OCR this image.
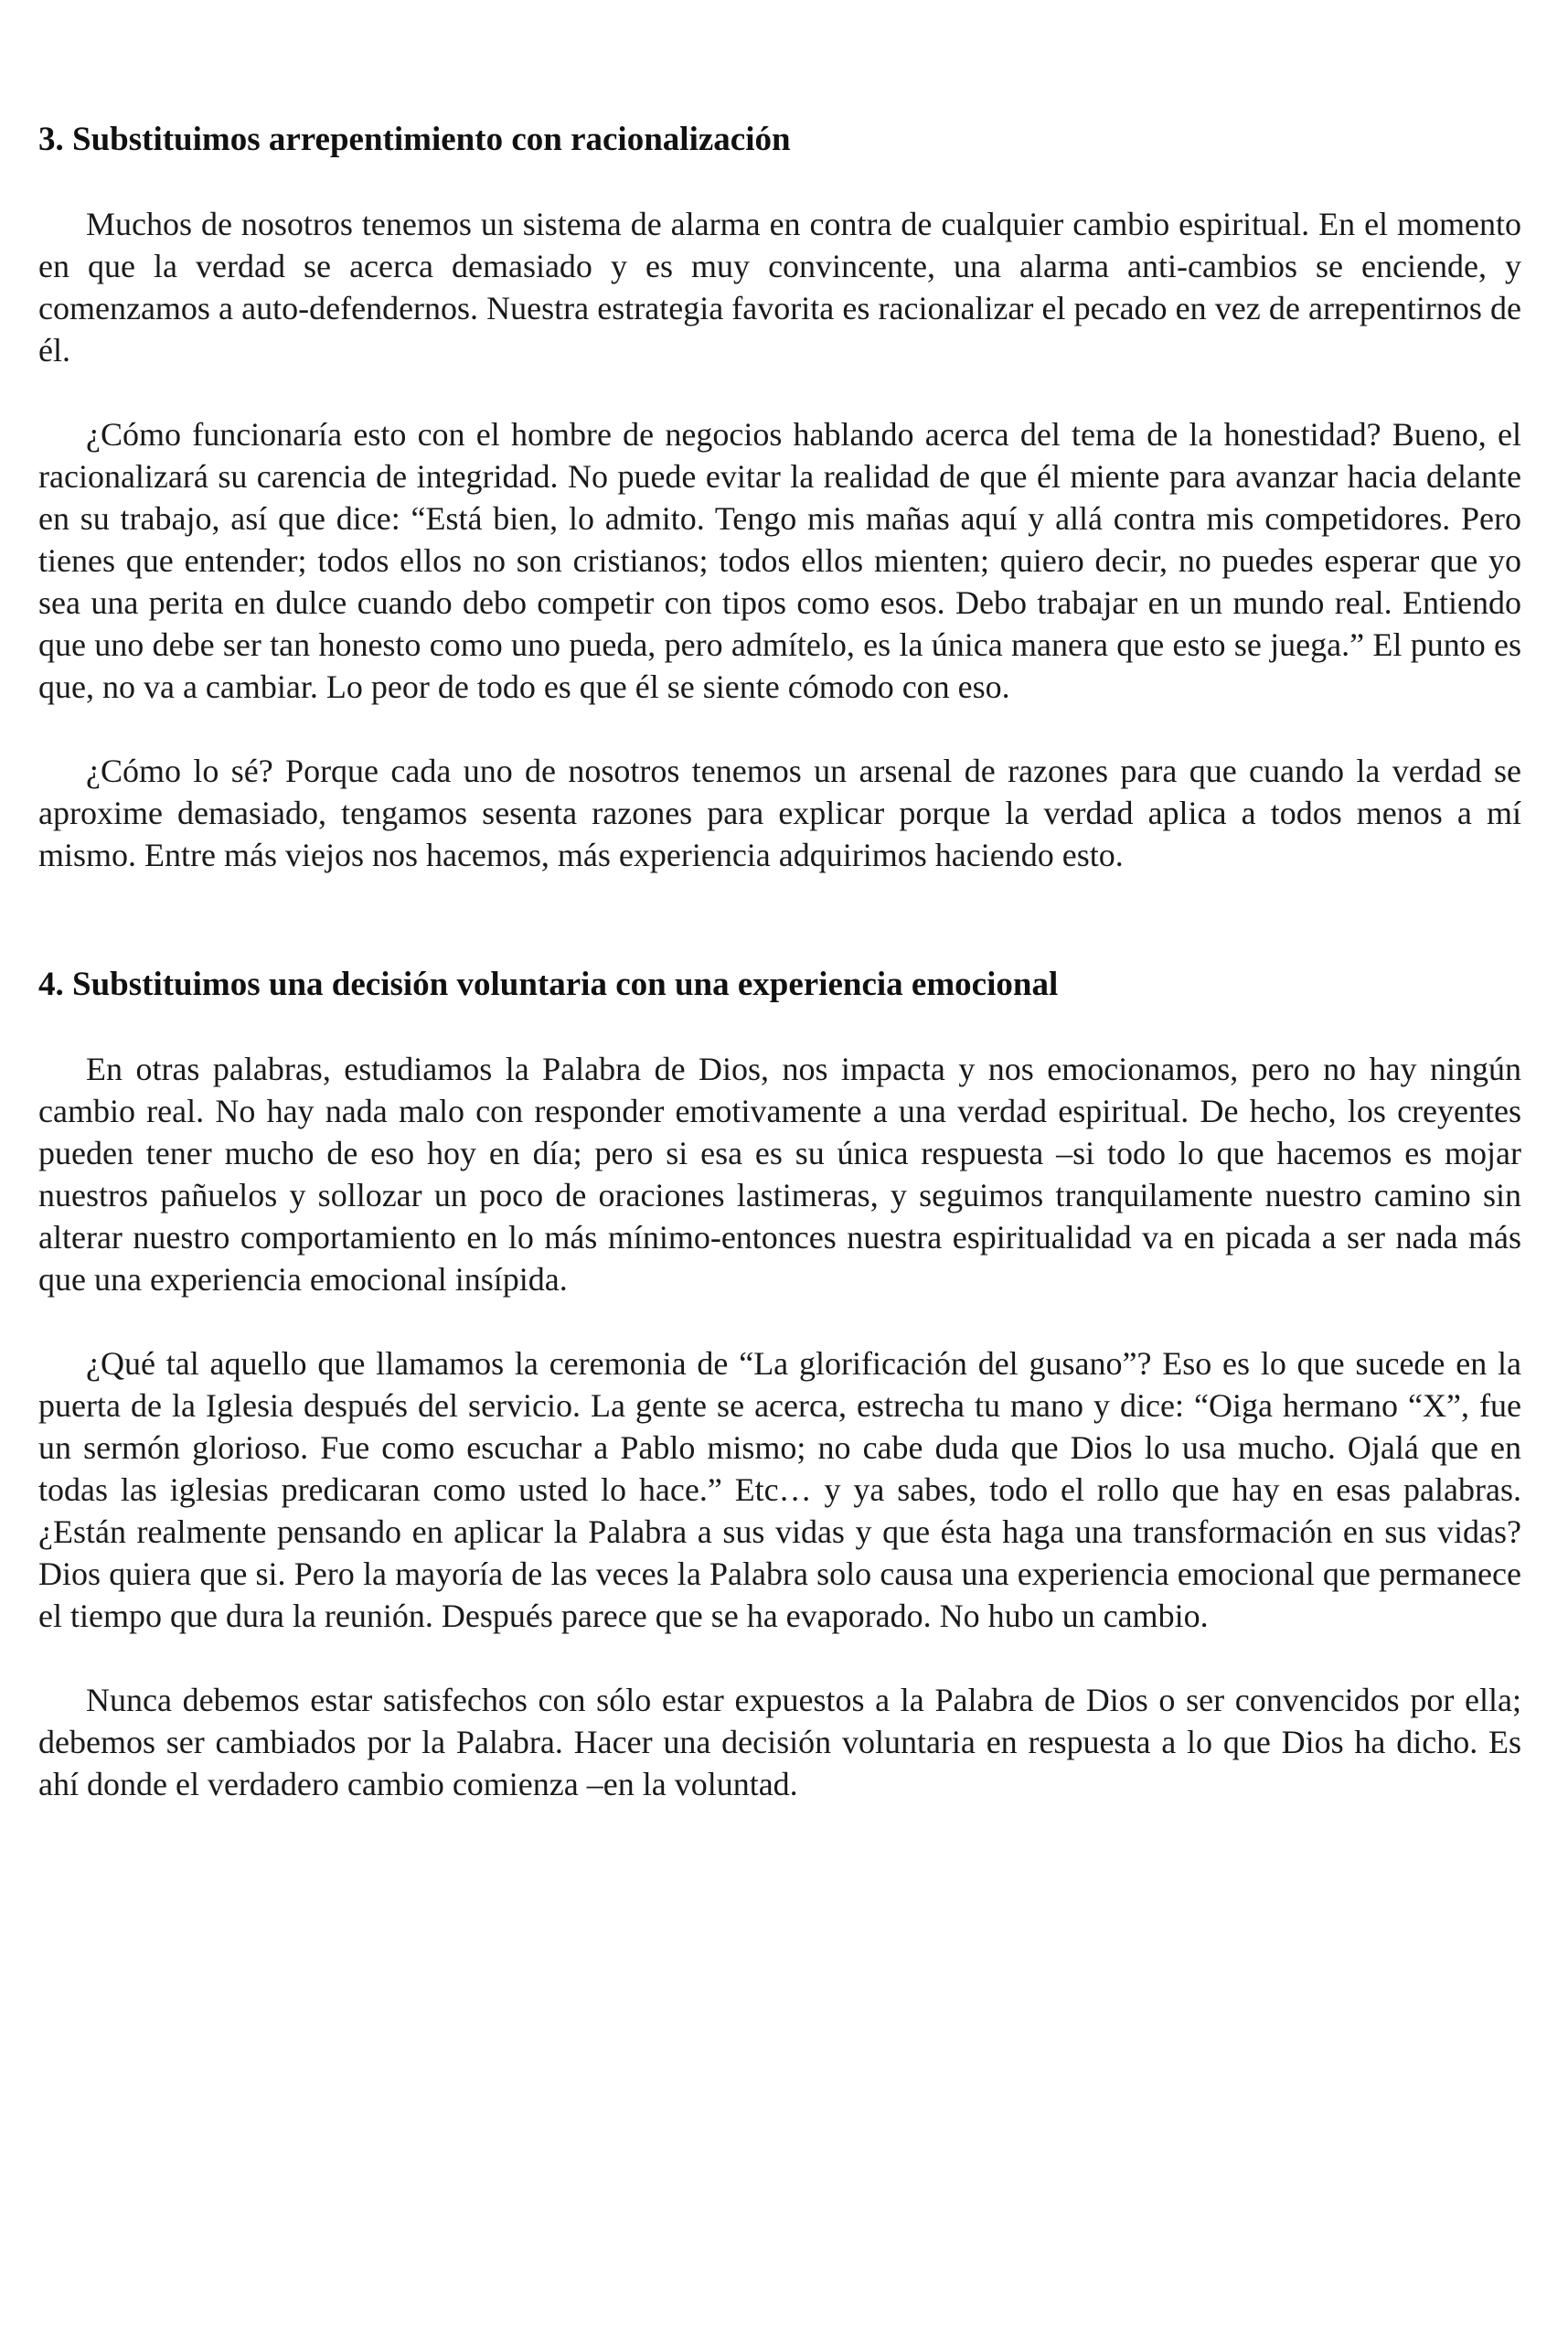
3. Substituimos arrepentimiento con racionalización

Muchos de nosotros tenemos un sistema de alarma en contra de cualquier cambio espiritual. En el momento en que la verdad se acerca demasiado y es muy convincente, una alarma anti-cambios se enciende, y comenzamos a auto-defendernos. Nuestra estrategia favorita es racionalizar el pecado en vez de arrepentirnos de él.

¿Cómo funcionaría esto con el hombre de negocios hablando acerca del tema de la honestidad? Bueno, el racionalizará su carencia de integridad. No puede evitar la realidad de que él miente para avanzar hacia delante en su trabajo, así que dice: “Está bien, lo admito. Tengo mis mañas aquí y allá contra mis competidores. Pero tienes que entender; todos ellos no son cristianos; todos ellos mienten; quiero decir, no puedes esperar que yo sea una perita en dulce cuando debo competir con tipos como esos. Debo trabajar en un mundo real. Entiendo que uno debe ser tan honesto como uno pueda, pero admítelo, es la única manera que esto se juega.” El punto es que, no va a cambiar. Lo peor de todo es que él se siente cómodo con eso.

¿Cómo lo sé? Porque cada uno de nosotros tenemos un arsenal de razones para que cuando la verdad se aproxime demasiado, tengamos sesenta razones para explicar porque la verdad aplica a todos menos a mí mismo. Entre más viejos nos hacemos, más experiencia adquirimos haciendo esto.

4. Substituimos una decisión voluntaria con una experiencia emocional

En otras palabras, estudiamos la Palabra de Dios, nos impacta y nos emocionamos, pero no hay ningún cambio real. No hay nada malo con responder emotivamente a una verdad espiritual. De hecho, los creyentes pueden tener mucho de eso hoy en día; pero si esa es su única respuesta –si todo lo que hacemos es mojar nuestros pañuelos y sollozar un poco de oraciones lastimeras, y seguimos tranquilamente nuestro camino sin alterar nuestro comportamiento en lo más mínimo-entonces nuestra espiritualidad va en picada a ser nada más que una experiencia emocional insípida.

¿Qué tal aquello que llamamos la ceremonia de “La glorificación del gusano”? Eso es lo que sucede en la puerta de la Iglesia después del servicio. La gente se acerca, estrecha tu mano y dice: “Oiga hermano “X”, fue un sermón glorioso. Fue como escuchar a Pablo mismo; no cabe duda que Dios lo usa mucho. Ojalá que en todas las iglesias predicaran como usted lo hace.” Etc… y ya sabes, todo el rollo que hay en esas palabras. ¿Están realmente pensando en aplicar la Palabra a sus vidas y que ésta haga una transformación en sus vidas? Dios quiera que si. Pero la mayoría de las veces la Palabra solo causa una experiencia emocional que permanece el tiempo que dura la reunión. Después parece que se ha evaporado. No hubo un cambio.

Nunca debemos estar satisfechos con sólo estar expuestos a la Palabra de Dios o ser convencidos por ella; debemos ser cambiados por la Palabra. Hacer una decisión voluntaria en respuesta a lo que Dios ha dicho. Es ahí donde el verdadero cambio comienza –en la voluntad.
